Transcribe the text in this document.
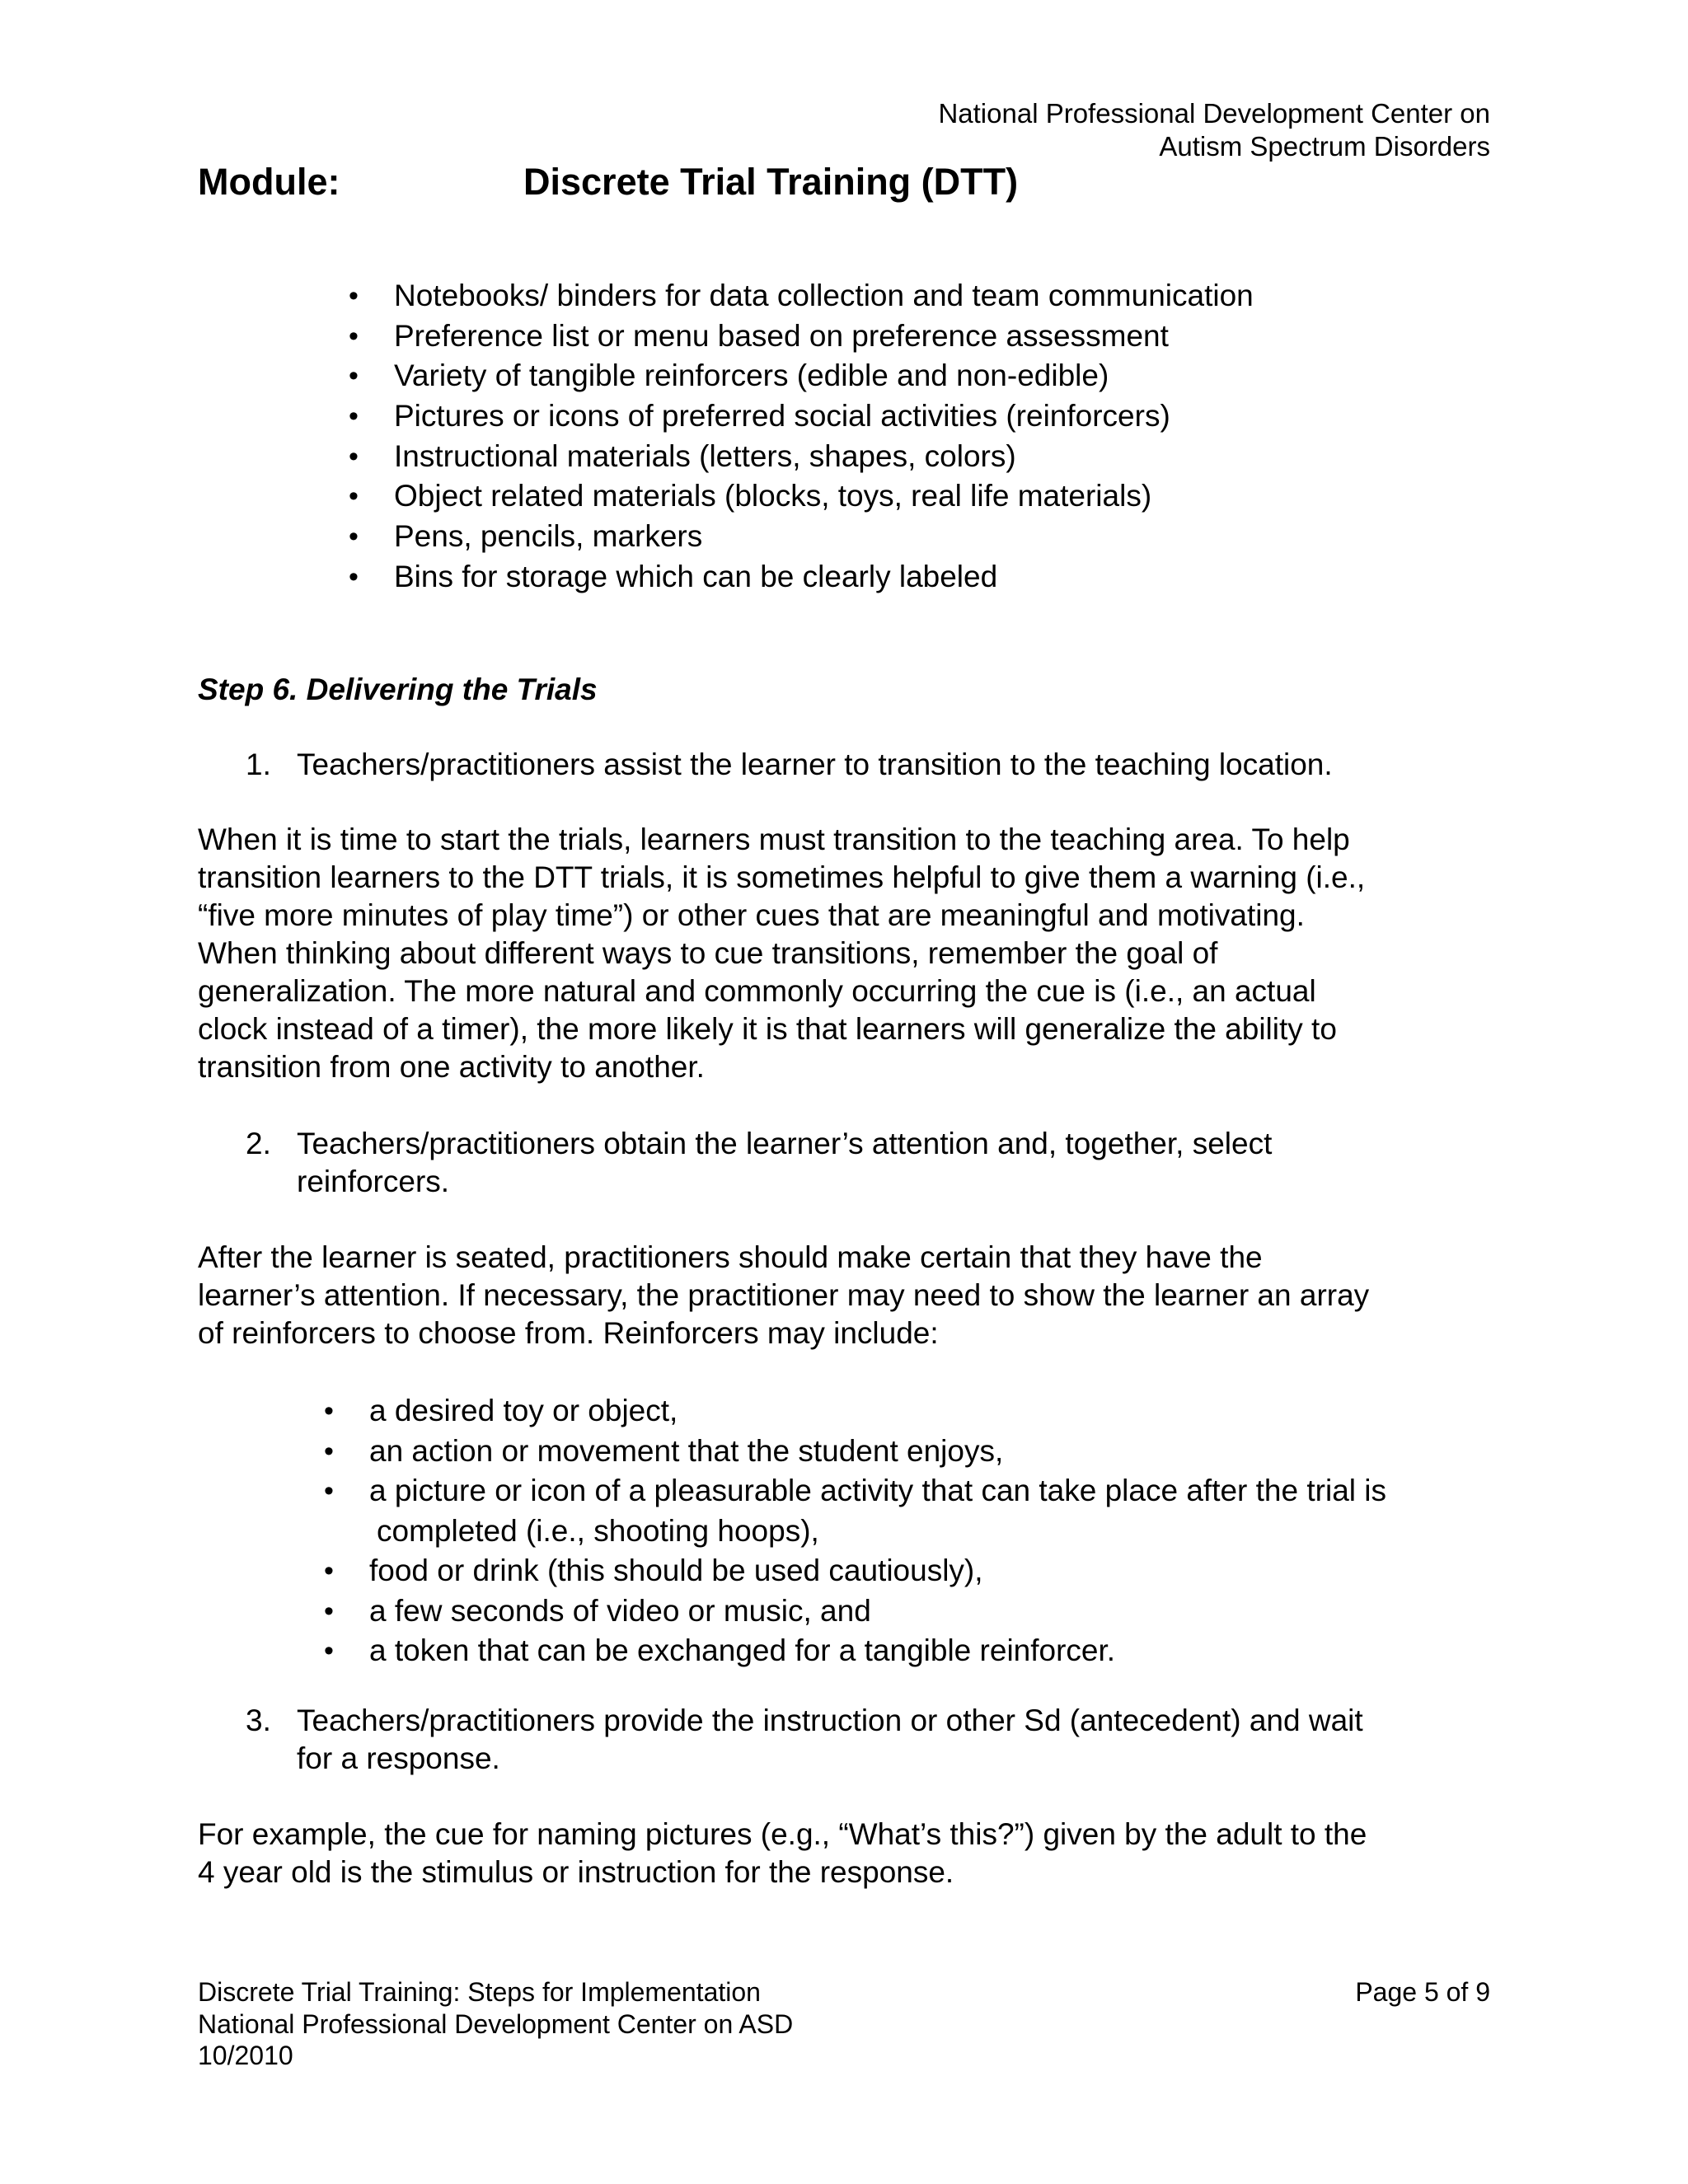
National Professional Development Center on
Autism Spectrum Disorders
Module:	Discrete Trial Training (DTT)
• Notebooks/ binders for data collection and team communication
• Preference list or menu based on preference assessment
• Variety of tangible reinforcers (edible and non-edible)
• Pictures or icons of preferred social activities (reinforcers)
• Instructional materials (letters, shapes, colors)
• Object related materials (blocks, toys, real life materials)
• Pens, pencils, markers
• Bins for storage which can be clearly labeled
Step 6. Delivering the Trials
1. Teachers/practitioners assist the learner to transition to the teaching location.
When it is time to start the trials, learners must transition to the teaching area. To help
transition learners to the DTT trials, it is sometimes helpful to give them a warning (i.e.,
“five more minutes of play time”) or other cues that are meaningful and motivating.
When thinking about different ways to cue transitions, remember the goal of
generalization. The more natural and commonly occurring the cue is (i.e., an actual
clock instead of a timer), the more likely it is that learners will generalize the ability to
transition from one activity to another.
2. Teachers/practitioners obtain the learner’s attention and, together, select
reinforcers.
After the learner is seated, practitioners should make certain that they have the
learner’s attention. If necessary, the practitioner may need to show the learner an array
of reinforcers to choose from. Reinforcers may include:
• a desired toy or object,
• an action or movement that the student enjoys,
• a picture or icon of a pleasurable activity that can take place after the trial is
completed (i.e., shooting hoops),
• food or drink (this should be used cautiously),
• a few seconds of video or music, and
• a token that can be exchanged for a tangible reinforcer.
3. Teachers/practitioners provide the instruction or other Sd (antecedent) and wait
for a response.
For example, the cue for naming pictures (e.g., “What’s this?”) given by the adult to the
4 year old is the stimulus or instruction for the response.
Discrete Trial Training: Steps for Implementation
National Professional Development Center on ASD
10/2010
Page 5 of 9
